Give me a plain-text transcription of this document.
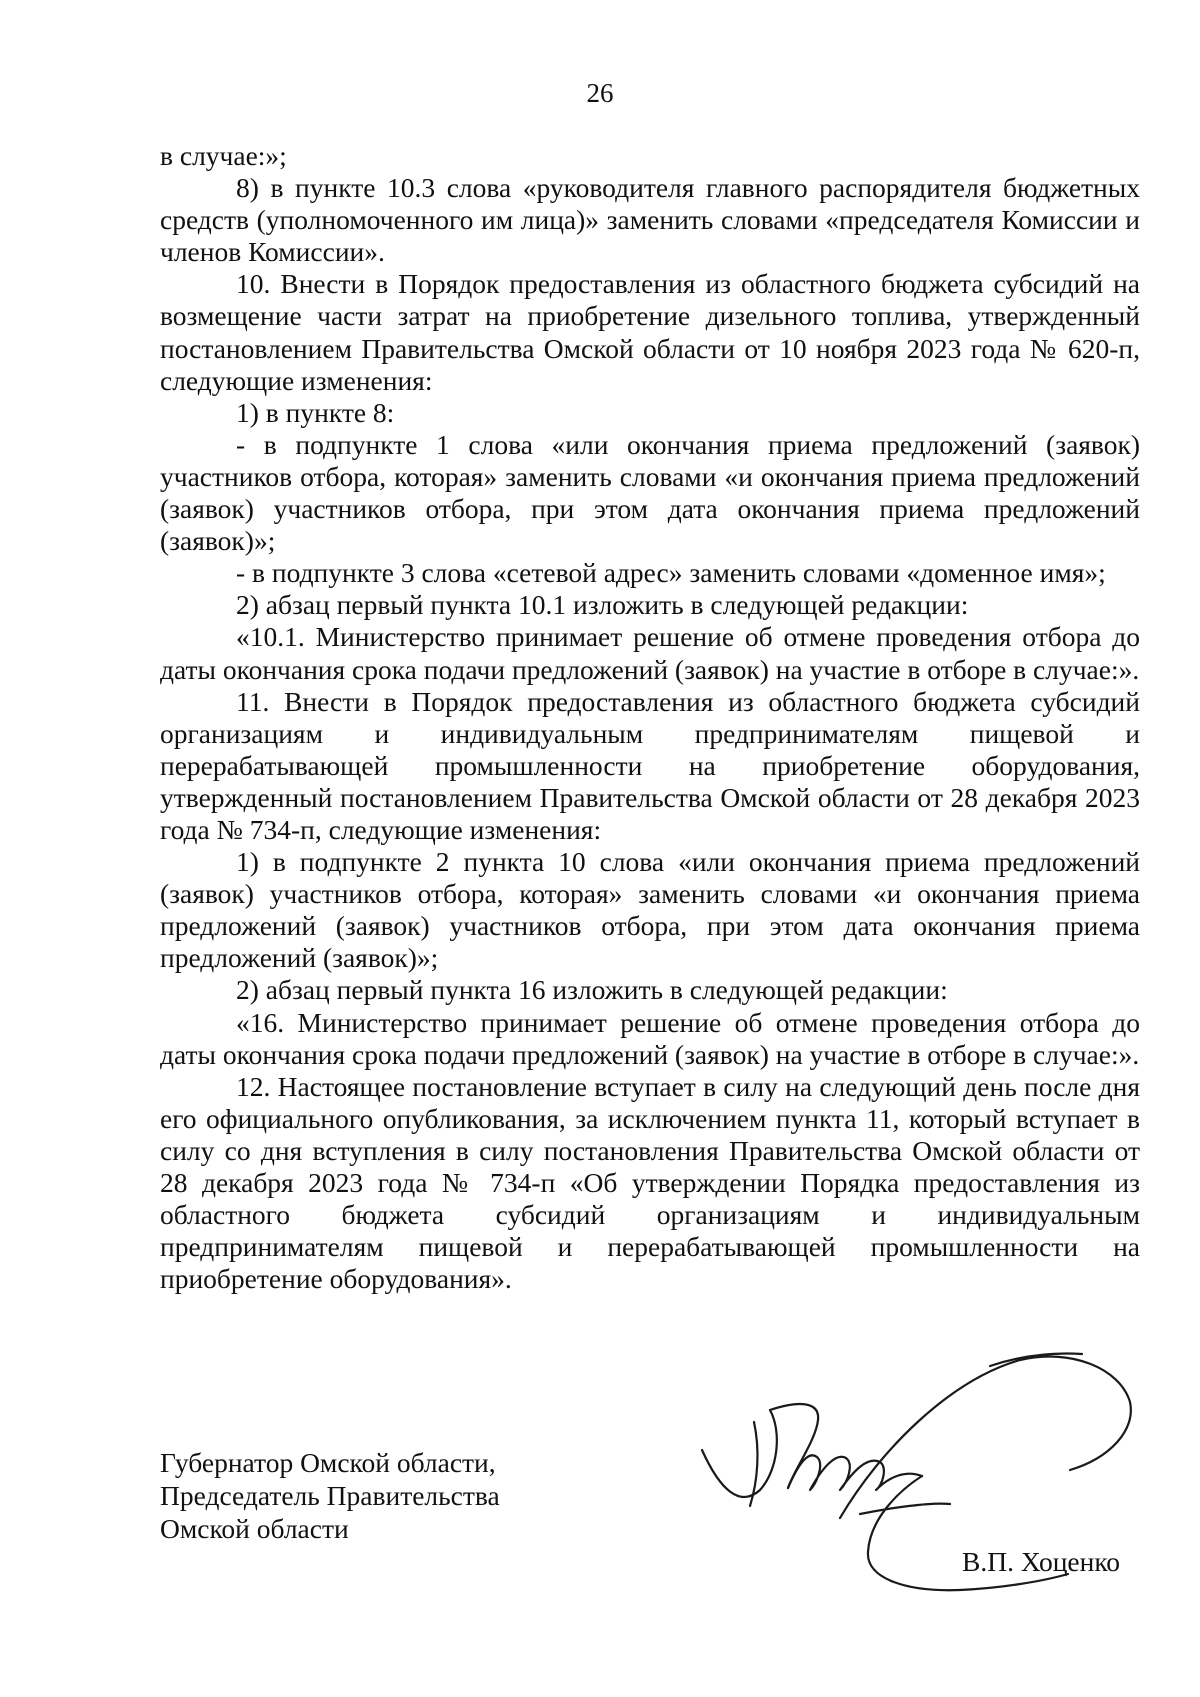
26

в случае:»;

8) в пункте 10.3 слова «руководителя главного распорядителя бюджетных средств (уполномоченного им лица)» заменить словами «председателя Комиссии и членов Комиссии».

10. Внести в Порядок предоставления из областного бюджета субсидий на возмещение части затрат на приобретение дизельного топлива, утвержденный постановлением Правительства Омской области от 10 ноября 2023 года № 620-п, следующие изменения:

1) в пункте 8:

- в подпункте 1 слова «или окончания приема предложений (заявок) участников отбора, которая» заменить словами «и окончания приема предложений (заявок) участников отбора, при этом дата окончания приема предложений (заявок)»;

- в подпункте 3 слова «сетевой адрес» заменить словами «доменное имя»;

2) абзац первый пункта 10.1 изложить в следующей редакции:

«10.1. Министерство принимает решение об отмене проведения отбора до даты окончания срока подачи предложений (заявок) на участие в отборе в случае:».

11. Внести в Порядок предоставления из областного бюджета субсидий организациям и индивидуальным предпринимателям пищевой и перерабатывающей промышленности на приобретение оборудования, утвержденный постановлением Правительства Омской области от 28 декабря 2023 года № 734-п, следующие изменения:

1) в подпункте 2 пункта 10 слова «или окончания приема предложений (заявок) участников отбора, которая» заменить словами «и окончания приема предложений (заявок) участников отбора, при этом дата окончания приема предложений (заявок)»;

2) абзац первый пункта 16 изложить в следующей редакции:

«16. Министерство принимает решение об отмене проведения отбора до даты окончания срока подачи предложений (заявок) на участие в отборе в случае:».

12. Настоящее постановление вступает в силу на следующий день после дня его официального опубликования, за исключением пункта 11, который вступает в силу со дня вступления в силу постановления Правительства Омской области от 28 декабря 2023 года № 734-п «Об утверждении Порядка предоставления из областного бюджета субсидий организациям и индивидуальным предпринимателям пищевой и перерабатывающей промышленности на приобретение оборудования».

Губернатор Омской области,
Председатель Правительства
Омской области
В.П. Хоценко
